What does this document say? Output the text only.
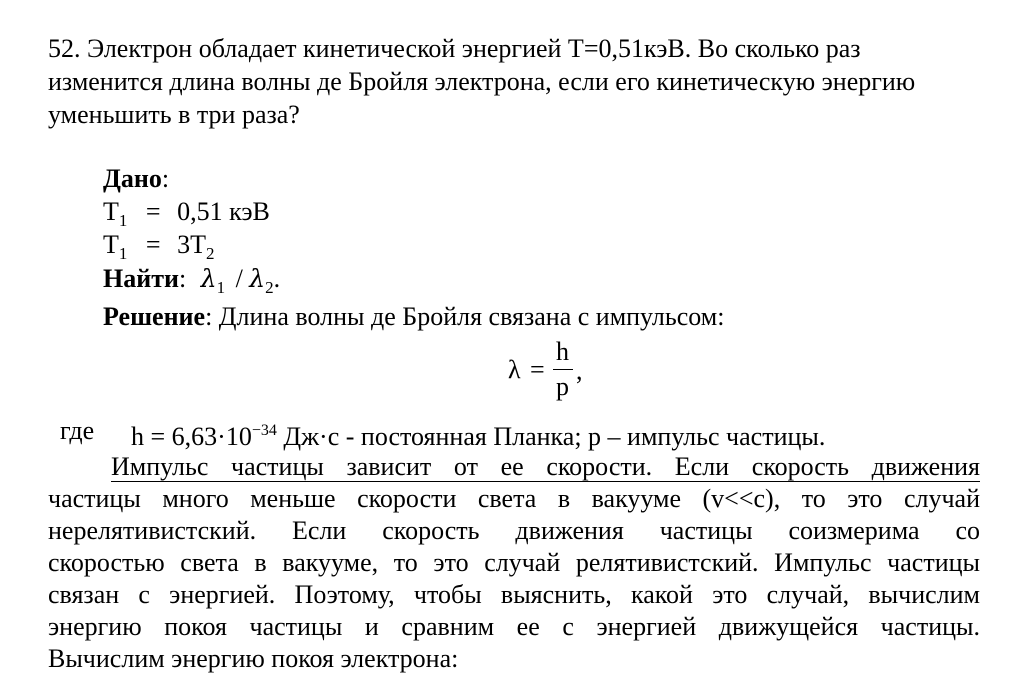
52. Электрон обладает кинетической энергией T=0,51кэВ. Во сколько раз
изменится длина волны де Бройля электрона, если его кинетическую энергию
уменьшить в три раза?
Дано:
$T_1 = 0,51$ кэВ
$T_1 = 3T_2$
Найти: $\lambda_1 / \lambda_2$.
Решение: Длина волны де Бройля связана с импульсом:
λ =
h
p
,
где $h = 6,63\cdot 10^{-34}$ Дж·c - постоянная Планка; p – импульс частицы.
Импульс частицы зависит от ее скорости. Если скорость движения
частицы много меньше скорости света в вакууме (v<<c), то это случай
нерелятивистский. Если скорость движения частицы соизмерима со
скоростью света в вакууме, то это случай релятивистский. Импульс частицы
связан с энергией. Поэтому, чтобы выяснить, какой это случай, вычислим
энергию покоя частицы и сравним ее с энергией движущейся частицы.
Вычислим энергию покоя электрона:
